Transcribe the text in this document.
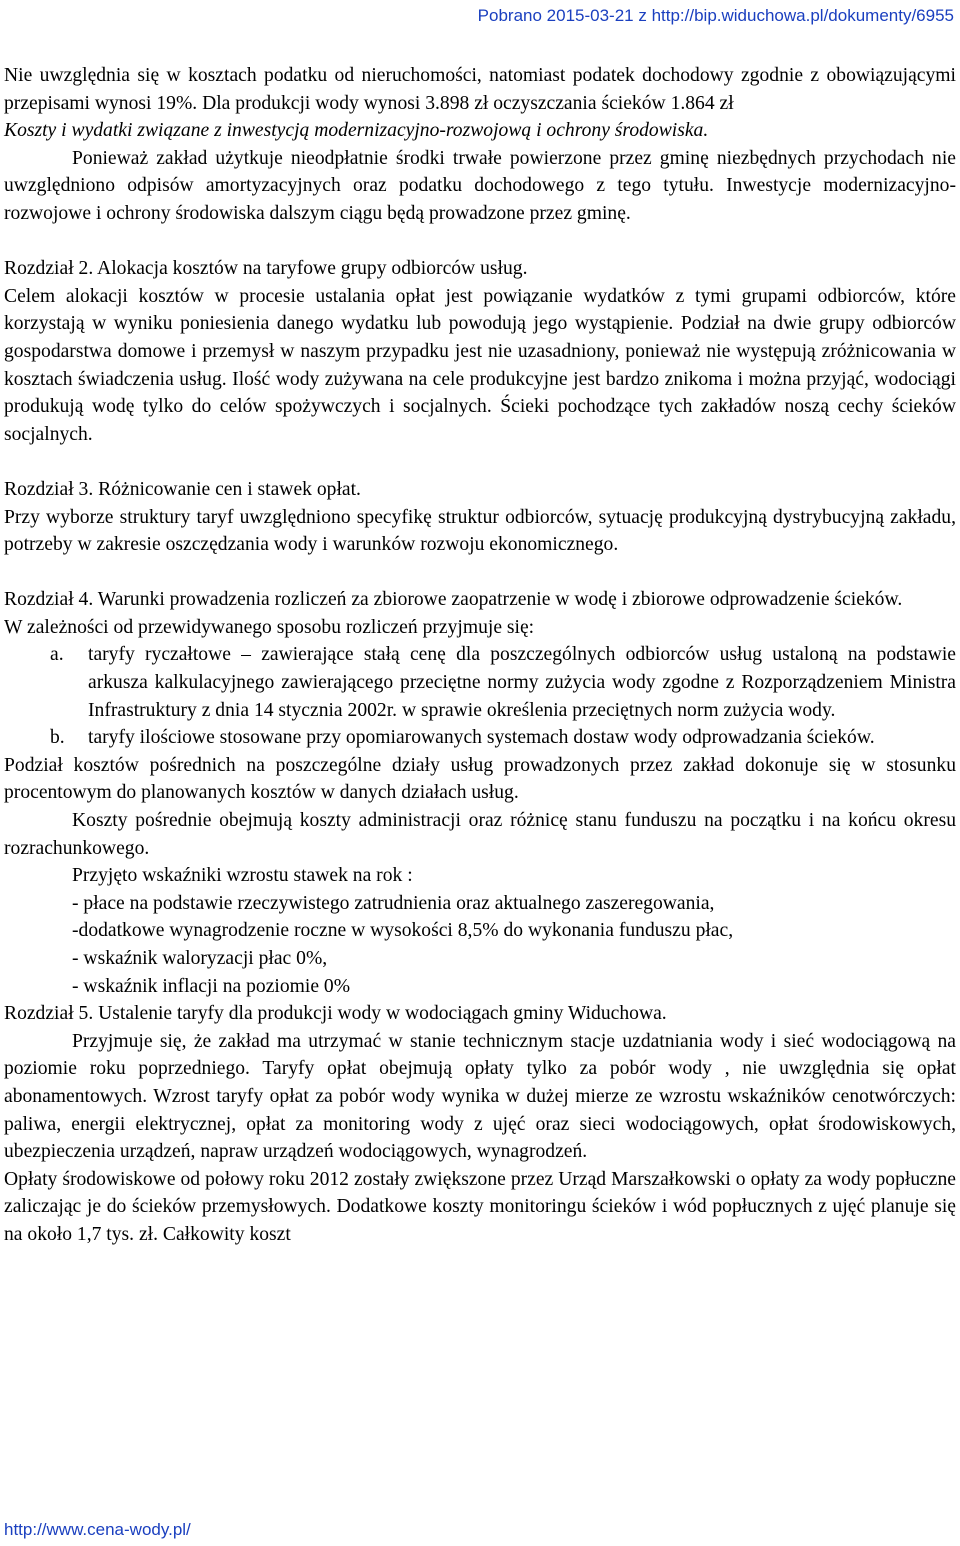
Pobrano 2015-03-21 z http://bip.widuchowa.pl/dokumenty/6955

Nie uwzględnia się w kosztach podatku od nieruchomości, natomiast podatek dochodowy zgodnie z obowiązującymi przepisami wynosi 19%. Dla produkcji wody wynosi 3.898 zł oczyszczania ścieków 1.864 zł

Koszty i wydatki związane z inwestycją modernizacyjno-rozwojową i ochrony środowiska.

Ponieważ zakład użytkuje nieodpłatnie środki trwałe powierzone przez gminę niezbędnych przychodach nie uwzględniono odpisów amortyzacyjnych oraz podatku dochodowego z tego tytułu. Inwestycje modernizacyjno-rozwojowe i ochrony środowiska dalszym ciągu będą prowadzone przez gminę.

Rozdział 2. Alokacja kosztów na taryfowe grupy odbiorców usług.

Celem alokacji kosztów w procesie ustalania opłat jest powiązanie wydatków z tymi grupami odbiorców, które korzystają w wyniku poniesienia danego wydatku lub powodują jego wystąpienie. Podział na dwie grupy odbiorców gospodarstwa domowe i przemysł w naszym przypadku jest nie uzasadniony, ponieważ nie występują zróżnicowania w kosztach świadczenia usług. Ilość wody zużywana na cele produkcyjne jest bardzo znikoma i można przyjąć, wodociągi produkują wodę tylko do celów spożywczych i socjalnych. Ścieki pochodzące tych zakładów noszą cechy ścieków socjalnych.

Rozdział 3. Różnicowanie cen i stawek opłat.

Przy wyborze struktury taryf uwzględniono specyfikę struktur odbiorców, sytuację produkcyjną dystrybucyjną zakładu, potrzeby w zakresie oszczędzania wody i warunków rozwoju ekonomicznego.

Rozdział 4. Warunki prowadzenia rozliczeń za zbiorowe zaopatrzenie w wodę i zbiorowe odprowadzenie ścieków.

W zależności od przewidywanego sposobu rozliczeń przyjmuje się:

a. taryfy ryczałtowe – zawierające stałą cenę dla poszczególnych odbiorców usług ustaloną na podstawie arkusza kalkulacyjnego zawierającego przeciętne normy zużycia wody zgodne z Rozporządzeniem Ministra Infrastruktury z dnia 14 stycznia 2002r. w sprawie określenia przeciętnych norm zużycia wody.
b. taryfy ilościowe stosowane przy opomiarowanych systemach dostaw wody odprowadzania ścieków.

Podział kosztów pośrednich na poszczególne działy usług prowadzonych przez zakład dokonuje się w stosunku procentowym do planowanych kosztów w danych działach usług.

Koszty pośrednie obejmują koszty administracji oraz różnicę stanu funduszu na początku i na końcu okresu rozrachunkowego.

Przyjęto wskaźniki wzrostu stawek na rok :

- płace na podstawie rzeczywistego zatrudnienia oraz aktualnego zaszeregowania,
-dodatkowe wynagrodzenie roczne w wysokości 8,5% do wykonania funduszu płac,
- wskaźnik waloryzacji płac 0%,
- wskaźnik inflacji na poziomie 0%

Rozdział 5. Ustalenie taryfy dla produkcji wody w wodociągach gminy Widuchowa.

Przyjmuje się, że zakład ma utrzymać w stanie technicznym stacje uzdatniania wody i sieć wodociągową na poziomie roku poprzedniego. Taryfy opłat obejmują opłaty tylko za pobór wody , nie uwzględnia się opłat abonamentowych. Wzrost taryfy opłat za pobór wody wynika w dużej mierze ze wzrostu wskaźników cenotwórczych: paliwa, energii elektrycznej, opłat za monitoring wody z ujęć oraz sieci wodociągowych, opłat środowiskowych, ubezpieczenia urządzeń, napraw urządzeń wodociągowych, wynagrodzeń.

Opłaty środowiskowe od połowy roku 2012 zostały zwiększone przez Urząd Marszałkowski o opłaty za wody popłuczne zaliczając je do ścieków przemysłowych. Dodatkowe koszty monitoringu ścieków i wód popłucznych z ujęć planuje się na około 1,7 tys. zł. Całkowity koszt

http://www.cena-wody.pl/
